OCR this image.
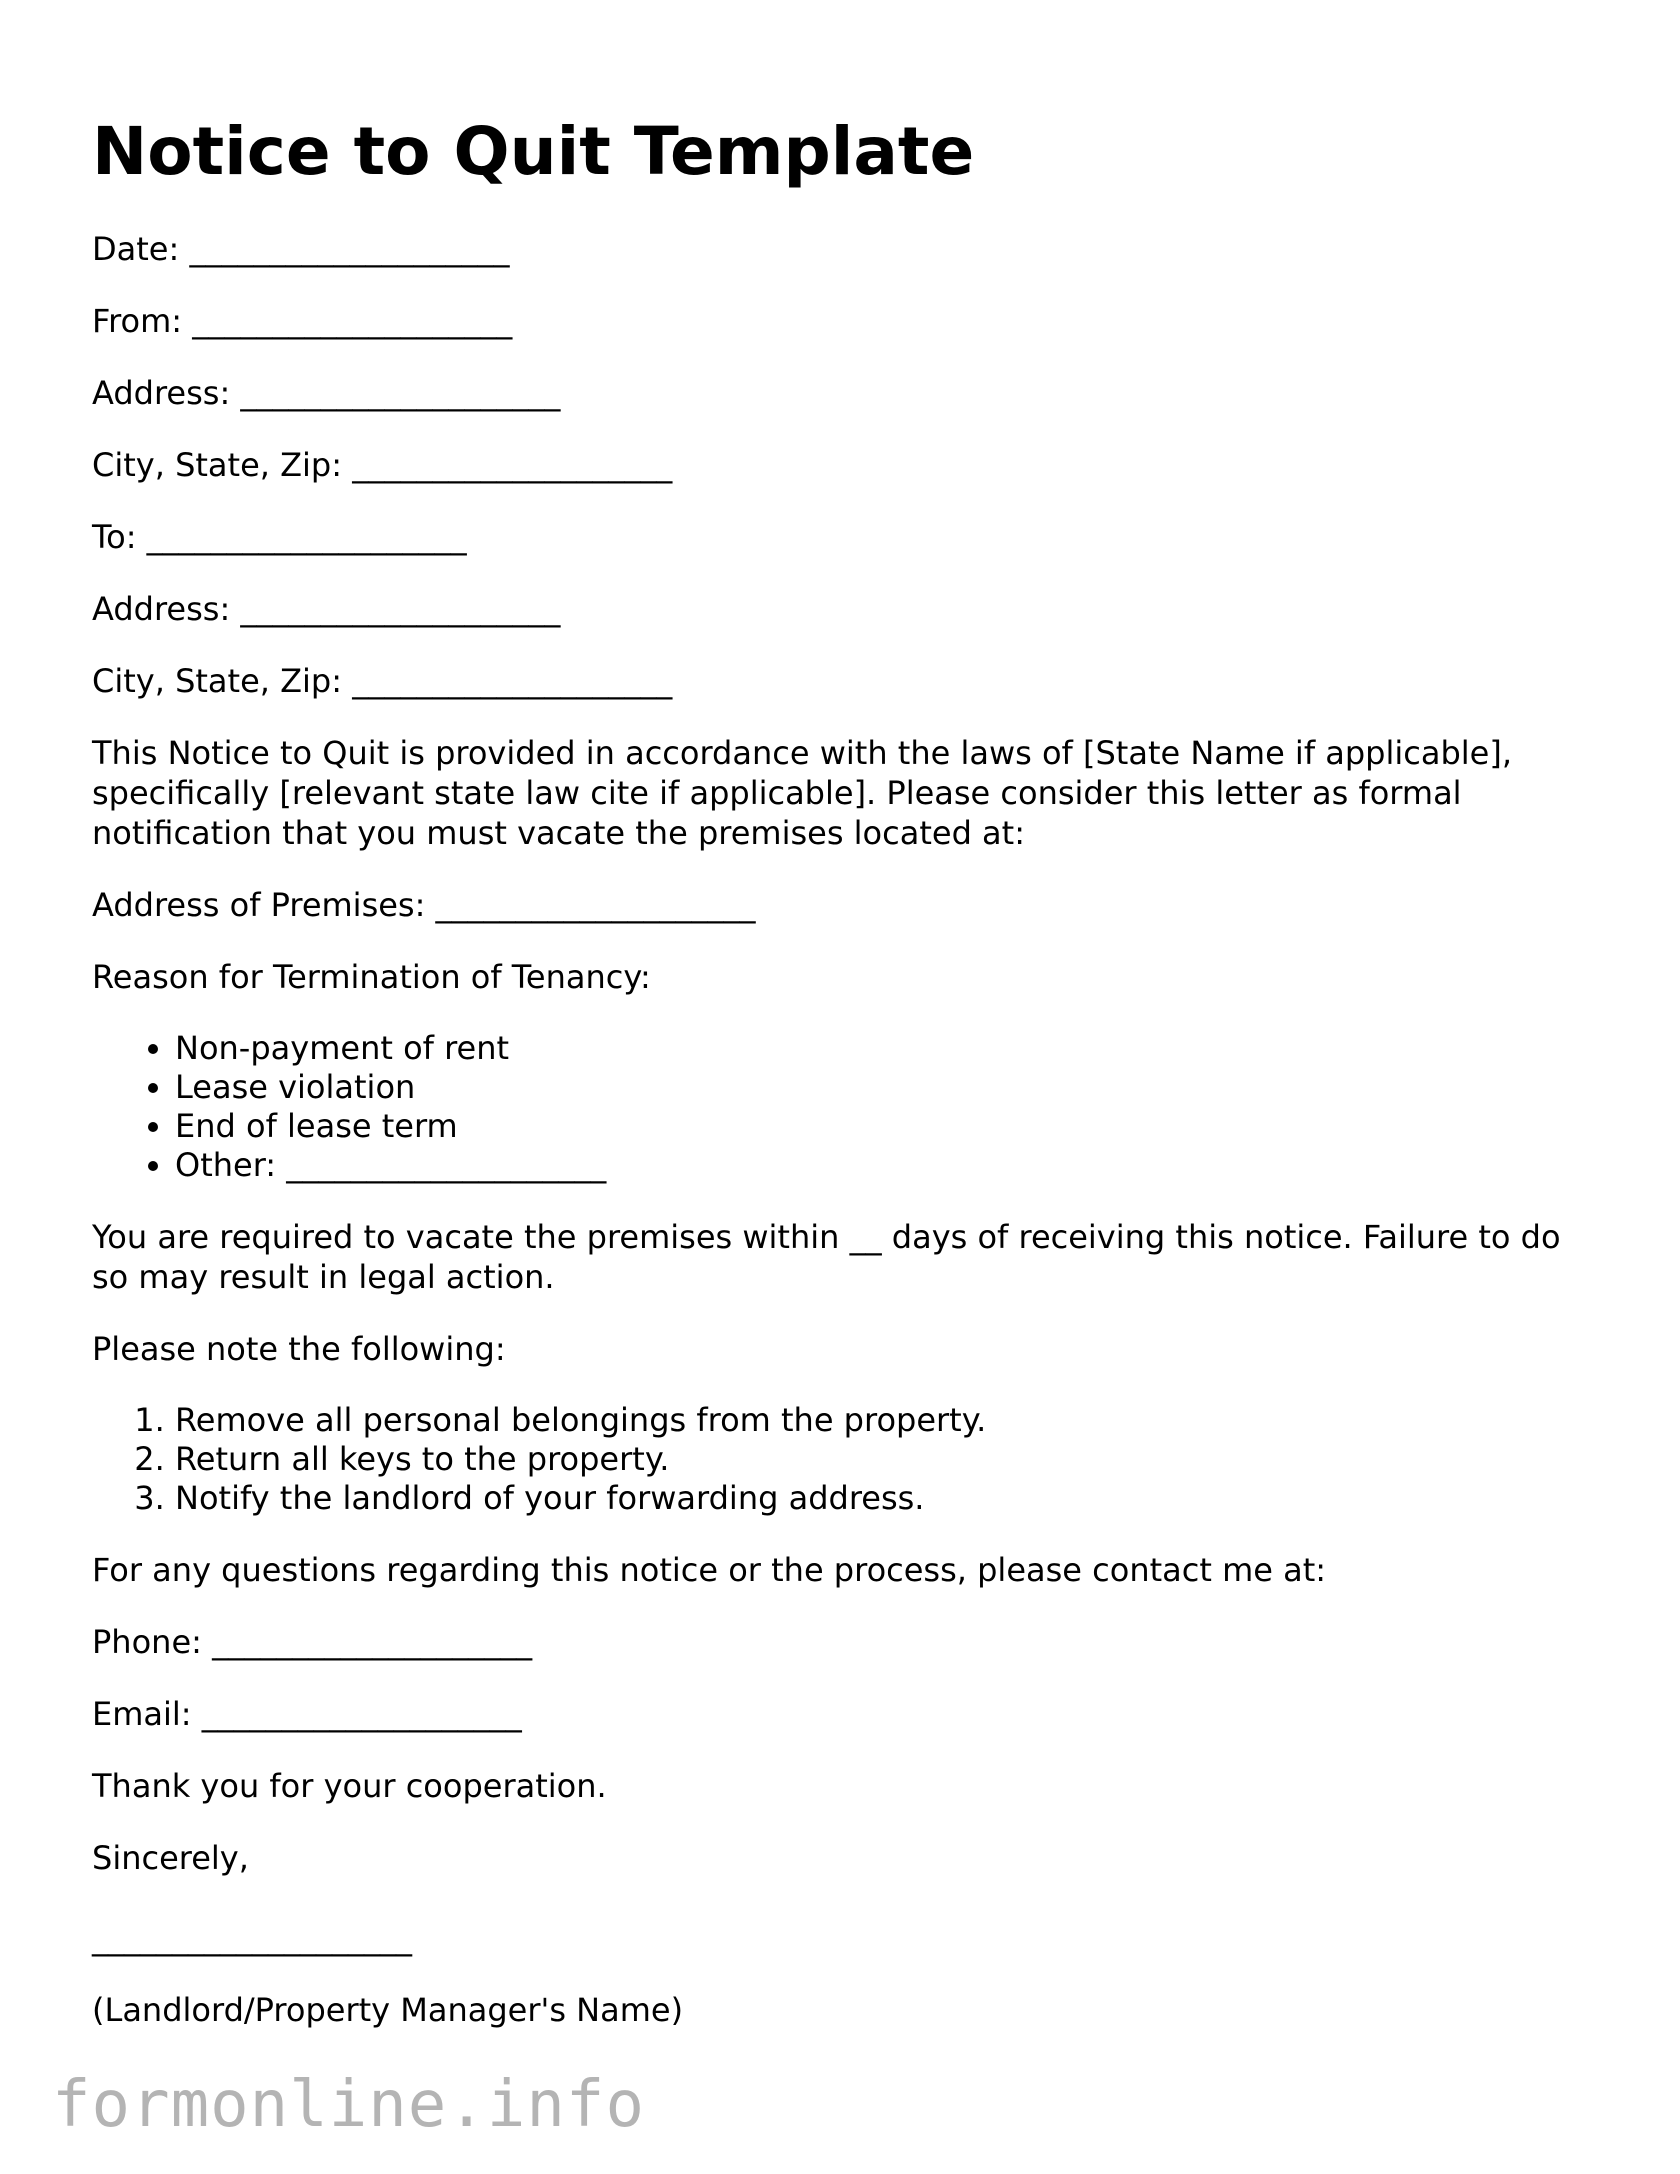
Notice to Quit Template

Date: ____________________

From: ____________________

Address: ____________________

City, State, Zip: ____________________

To: ____________________

Address: ____________________

City, State, Zip: ____________________

This Notice to Quit is provided in accordance with the laws of [State Name if applicable], specifically [relevant state law cite if applicable]. Please consider this letter as formal notification that you must vacate the premises located at:

Address of Premises: ____________________

Reason for Termination of Tenancy:

• Non-payment of rent
• Lease violation
• End of lease term
• Other: ____________________

You are required to vacate the premises within __ days of receiving this notice. Failure to do so may result in legal action.

Please note the following:

1. Remove all personal belongings from the property.
2. Return all keys to the property.
3. Notify the landlord of your forwarding address.

For any questions regarding this notice or the process, please contact me at:

Phone: ____________________

Email: ____________________

Thank you for your cooperation.

Sincerely,

____________________

(Landlord/Property Manager's Name)

formonline.info
